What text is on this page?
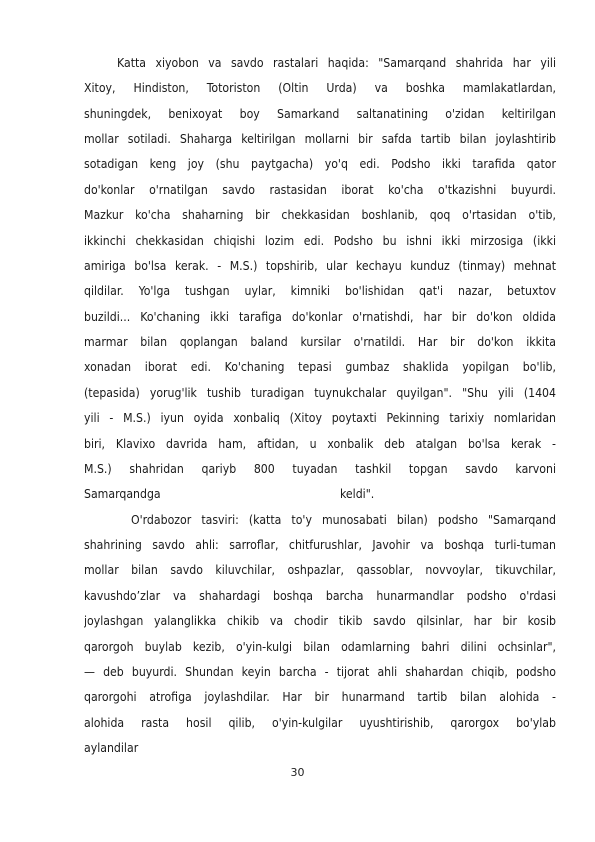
Katta xiyobon va savdo rastalari haqida: "Samarqand shahrida har yili
Xitoy, Hindiston, Totoriston (Oltin Urda) va boshka mamlakatlardan,
shuningdek, benixoyat boy Samarkand saltanatining o'zidan keltirilgan
mollar sotiladi. Shaharga keltirilgan mollarni bir safda tartib bilan joylashtirib
sotadigan keng joy (shu paytgacha) yo'q edi. Podsho ikki tarafida qator
do'konlar o'rnatilgan savdo rastasidan iborat ko'cha o'tkazishni buyurdi.
Mazkur ko'cha shaharning bir chekkasidan boshlanib, qoq o'rtasidan o'tib,
ikkinchi chekkasidan chiqishi lozim edi. Podsho bu ishni ikki mirzosiga (ikki
amiriga bo'lsa kerak. - M.S.) topshirib, ular kechayu kunduz (tinmay) mehnat
qildilar. Yo'lga tushgan uylar, kimniki bo'lishidan qat'i nazar, betuxtov
buzildi... Ko'chaning ikki tarafiga do'konlar o'rnatishdi, har bir do'kon oldida
marmar bilan qoplangan baland kursilar o'rnatildi. Har bir do'kon ikkita
xonadan iborat edi. Ko'chaning tepasi gumbaz shaklida yopilgan bo'lib,
(tepasida) yorug'lik tushib turadigan tuynukchalar quyilgan". "Shu yili (1404
yili - M.S.) iyun oyida xonbaliq (Xitoy poytaxti Pekinning tarixiy nomlaridan
biri, Klavixo davrida ham, aftidan, u xonbalik deb atalgan bo'lsa kerak -
M.S.) shahridan qariyb 800 tuyadan tashkil topgan savdo karvoni
Samarqandga	keldi".
O'rdabozor tasviri: (katta to'y munosabati bilan) podsho "Samarqand
shahrining savdo ahli: sarroflar, chitfurushlar, Javohir va boshqa turli-tuman
mollar bilan savdo kiluvchilar, oshpazlar, qassoblar, novvoylar, tikuvchilar,
kavushdo’zlar va shahardagi boshqa barcha hunarmandlar podsho o'rdasi
joylashgan yalanglikka chikib va chodir tikib savdo qilsinlar, har bir kosib
qarorgoh buylab kezib, o'yin-kulgi bilan odamlarning bahri dilini ochsinlar",
— deb buyurdi. Shundan keyin barcha - tijorat ahli shahardan chiqib, podsho
qarorgohi atrofiga joylashdilar. Har bir hunarmand tartib bilan alohida -
alohida rasta hosil qilib, o'yin-kulgilar uyushtirishib, qarorgox bo'ylab
aylandilar
30
